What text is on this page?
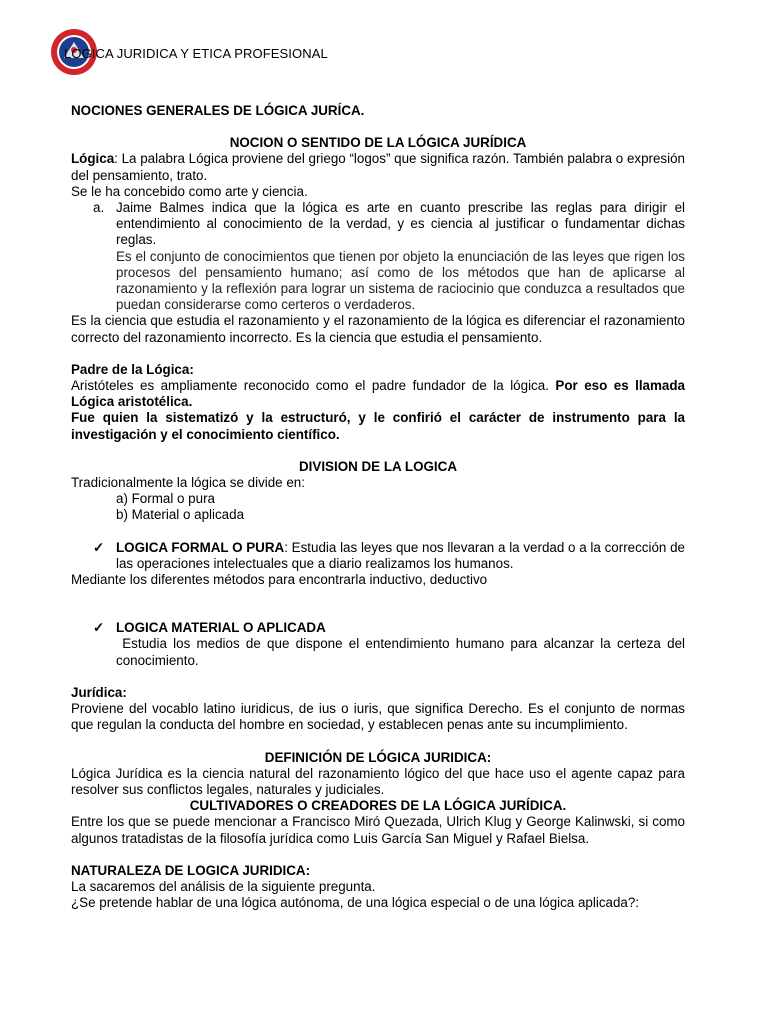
LOGICA JURIDICA Y ETICA PROFESIONAL

NOCIONES GENERALES DE LÓGICA JURÍCA.

NOCION O SENTIDO DE LA LÓGICA JURÍDICA

Lógica: La palabra Lógica proviene del griego “logos” que significa razón. También palabra o expresión del pensamiento, trato.

Se le ha concebido como arte y ciencia.

a. Jaime Balmes indica que la lógica es arte en cuanto prescribe las reglas para dirigir el entendimiento al conocimiento de la verdad, y es ciencia al justificar o fundamentar dichas reglas.

Es el conjunto de conocimientos que tienen por objeto la enunciación de las leyes que rigen los procesos del pensamiento humano; así como de los métodos que han de aplicarse al razonamiento y la reflexión para lograr un sistema de raciocinio que conduzca a resultados que puedan considerarse como certeros o verdaderos.

Es la ciencia que estudia el razonamiento y el razonamiento de la lógica es diferenciar el razonamiento correcto del razonamiento incorrecto. Es la ciencia que estudia el pensamiento.

Padre de la Lógica:

Aristóteles es ampliamente reconocido como el padre fundador de la lógica. Por eso es llamada Lógica aristotélica.

Fue quien la sistematizó y la estructuró, y le confirió el carácter de instrumento para la investigación y el conocimiento científico.

DIVISION DE LA LOGICA

Tradicionalmente la lógica se divide en:

a) Formal o pura

b) Material o aplicada

✓ LOGICA FORMAL O PURA: Estudia las leyes que nos llevaran a la verdad o a la corrección de las operaciones intelectuales que a diario realizamos los humanos.

Mediante los diferentes métodos para encontrarla inductivo, deductivo

✓ LOGICA MATERIAL O APLICADA

Estudia los medios de que dispone el entendimiento humano para alcanzar la certeza del conocimiento.

Jurídica:

Proviene del vocablo latino iuridicus, de ius o iuris, que significa Derecho. Es el conjunto de normas que regulan la conducta del hombre en sociedad, y establecen penas ante su incumplimiento.

DEFINICIÓN DE LÓGICA JURIDICA:

Lógica Jurídica es la ciencia natural del razonamiento lógico del que hace uso el agente capaz para resolver sus conflictos legales, naturales y judiciales.

CULTIVADORES O CREADORES DE LA LÓGICA JURÍDICA.

Entre los que se puede mencionar a Francisco Miró Quezada, Ulrich Klug y George Kalinwski, si como algunos tratadistas de la filosofía jurídica como Luis García San Miguel y Rafael Bielsa.

NATURALEZA DE LOGICA JURIDICA:

La sacaremos del análisis de la siguiente pregunta.

¿Se pretende hablar de una lógica autónoma, de una lógica especial o de una lógica aplicada?:
